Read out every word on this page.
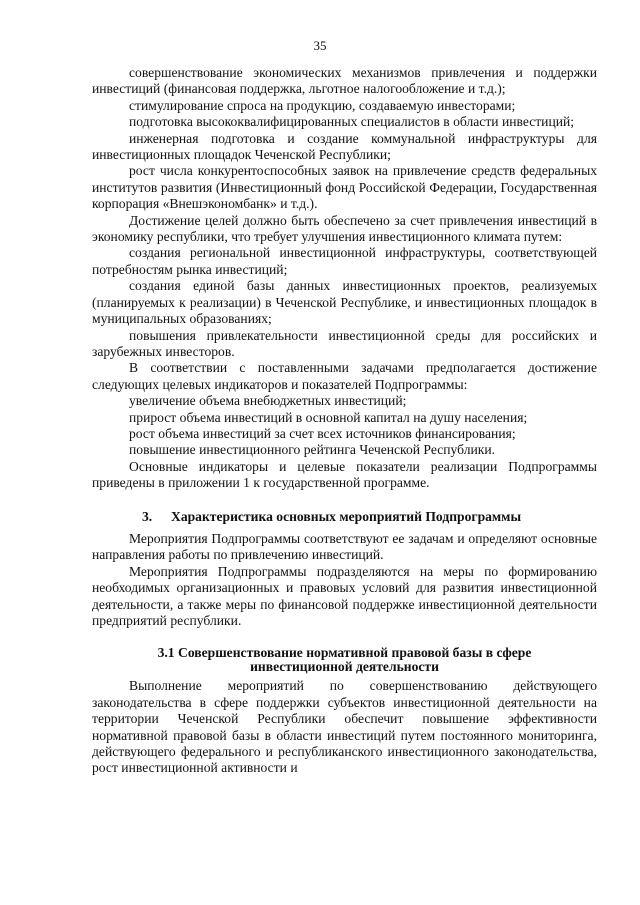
35

совершенствование экономических механизмов привлечения и поддержки инвестиций (финансовая поддержка, льготное налогообложение и т.д.);

стимулирование спроса на продукцию, создаваемую инвесторами;

подготовка высококвалифицированных специалистов в области инвестиций;

инженерная подготовка и создание коммунальной инфраструктуры для инвестиционных площадок Чеченской Республики;

рост числа конкурентоспособных заявок на привлечение средств федеральных институтов развития (Инвестиционный фонд Российской Федерации, Государственная корпорация «Внешэкономбанк» и т.д.).

Достижение целей должно быть обеспечено за счет привлечения инвестиций в экономику республики, что требует улучшения инвестиционного климата путем:

создания региональной инвестиционной инфраструктуры, соответствующей потребностям рынка инвестиций;

создания единой базы данных инвестиционных проектов, реализуемых (планируемых к реализации) в Чеченской Республике, и инвестиционных площадок в муниципальных образованиях;

повышения привлекательности инвестиционной среды для российских и зарубежных инвесторов.

В соответствии с поставленными задачами предполагается достижение следующих целевых индикаторов и показателей Подпрограммы:

увеличение объема внебюджетных инвестиций;

прирост объема инвестиций в основной капитал на душу населения;

рост объема инвестиций за счет всех источников финансирования;

повышение инвестиционного рейтинга Чеченской Республики.

Основные индикаторы и целевые показатели реализации Подпрограммы приведены в приложении 1 к государственной программе.

3. Характеристика основных мероприятий Подпрограммы

Мероприятия Подпрограммы соответствуют ее задачам и определяют основные направления работы по привлечению инвестиций.

Мероприятия Подпрограммы подразделяются на меры по формированию необходимых организационных и правовых условий для развития инвестиционной деятельности, а также меры по финансовой поддержке инвестиционной деятельности предприятий республики.

3.1 Совершенствование нормативной правовой базы в сфере
инвестиционной деятельности

Выполнение мероприятий по совершенствованию действующего законодательства в сфере поддержки субъектов инвестиционной деятельности на территории Чеченской Республики обеспечит повышение эффективности нормативной правовой базы в области инвестиций путем постоянного мониторинга, действующего федерального и республиканского инвестиционного законодательства, рост инвестиционной активности и
